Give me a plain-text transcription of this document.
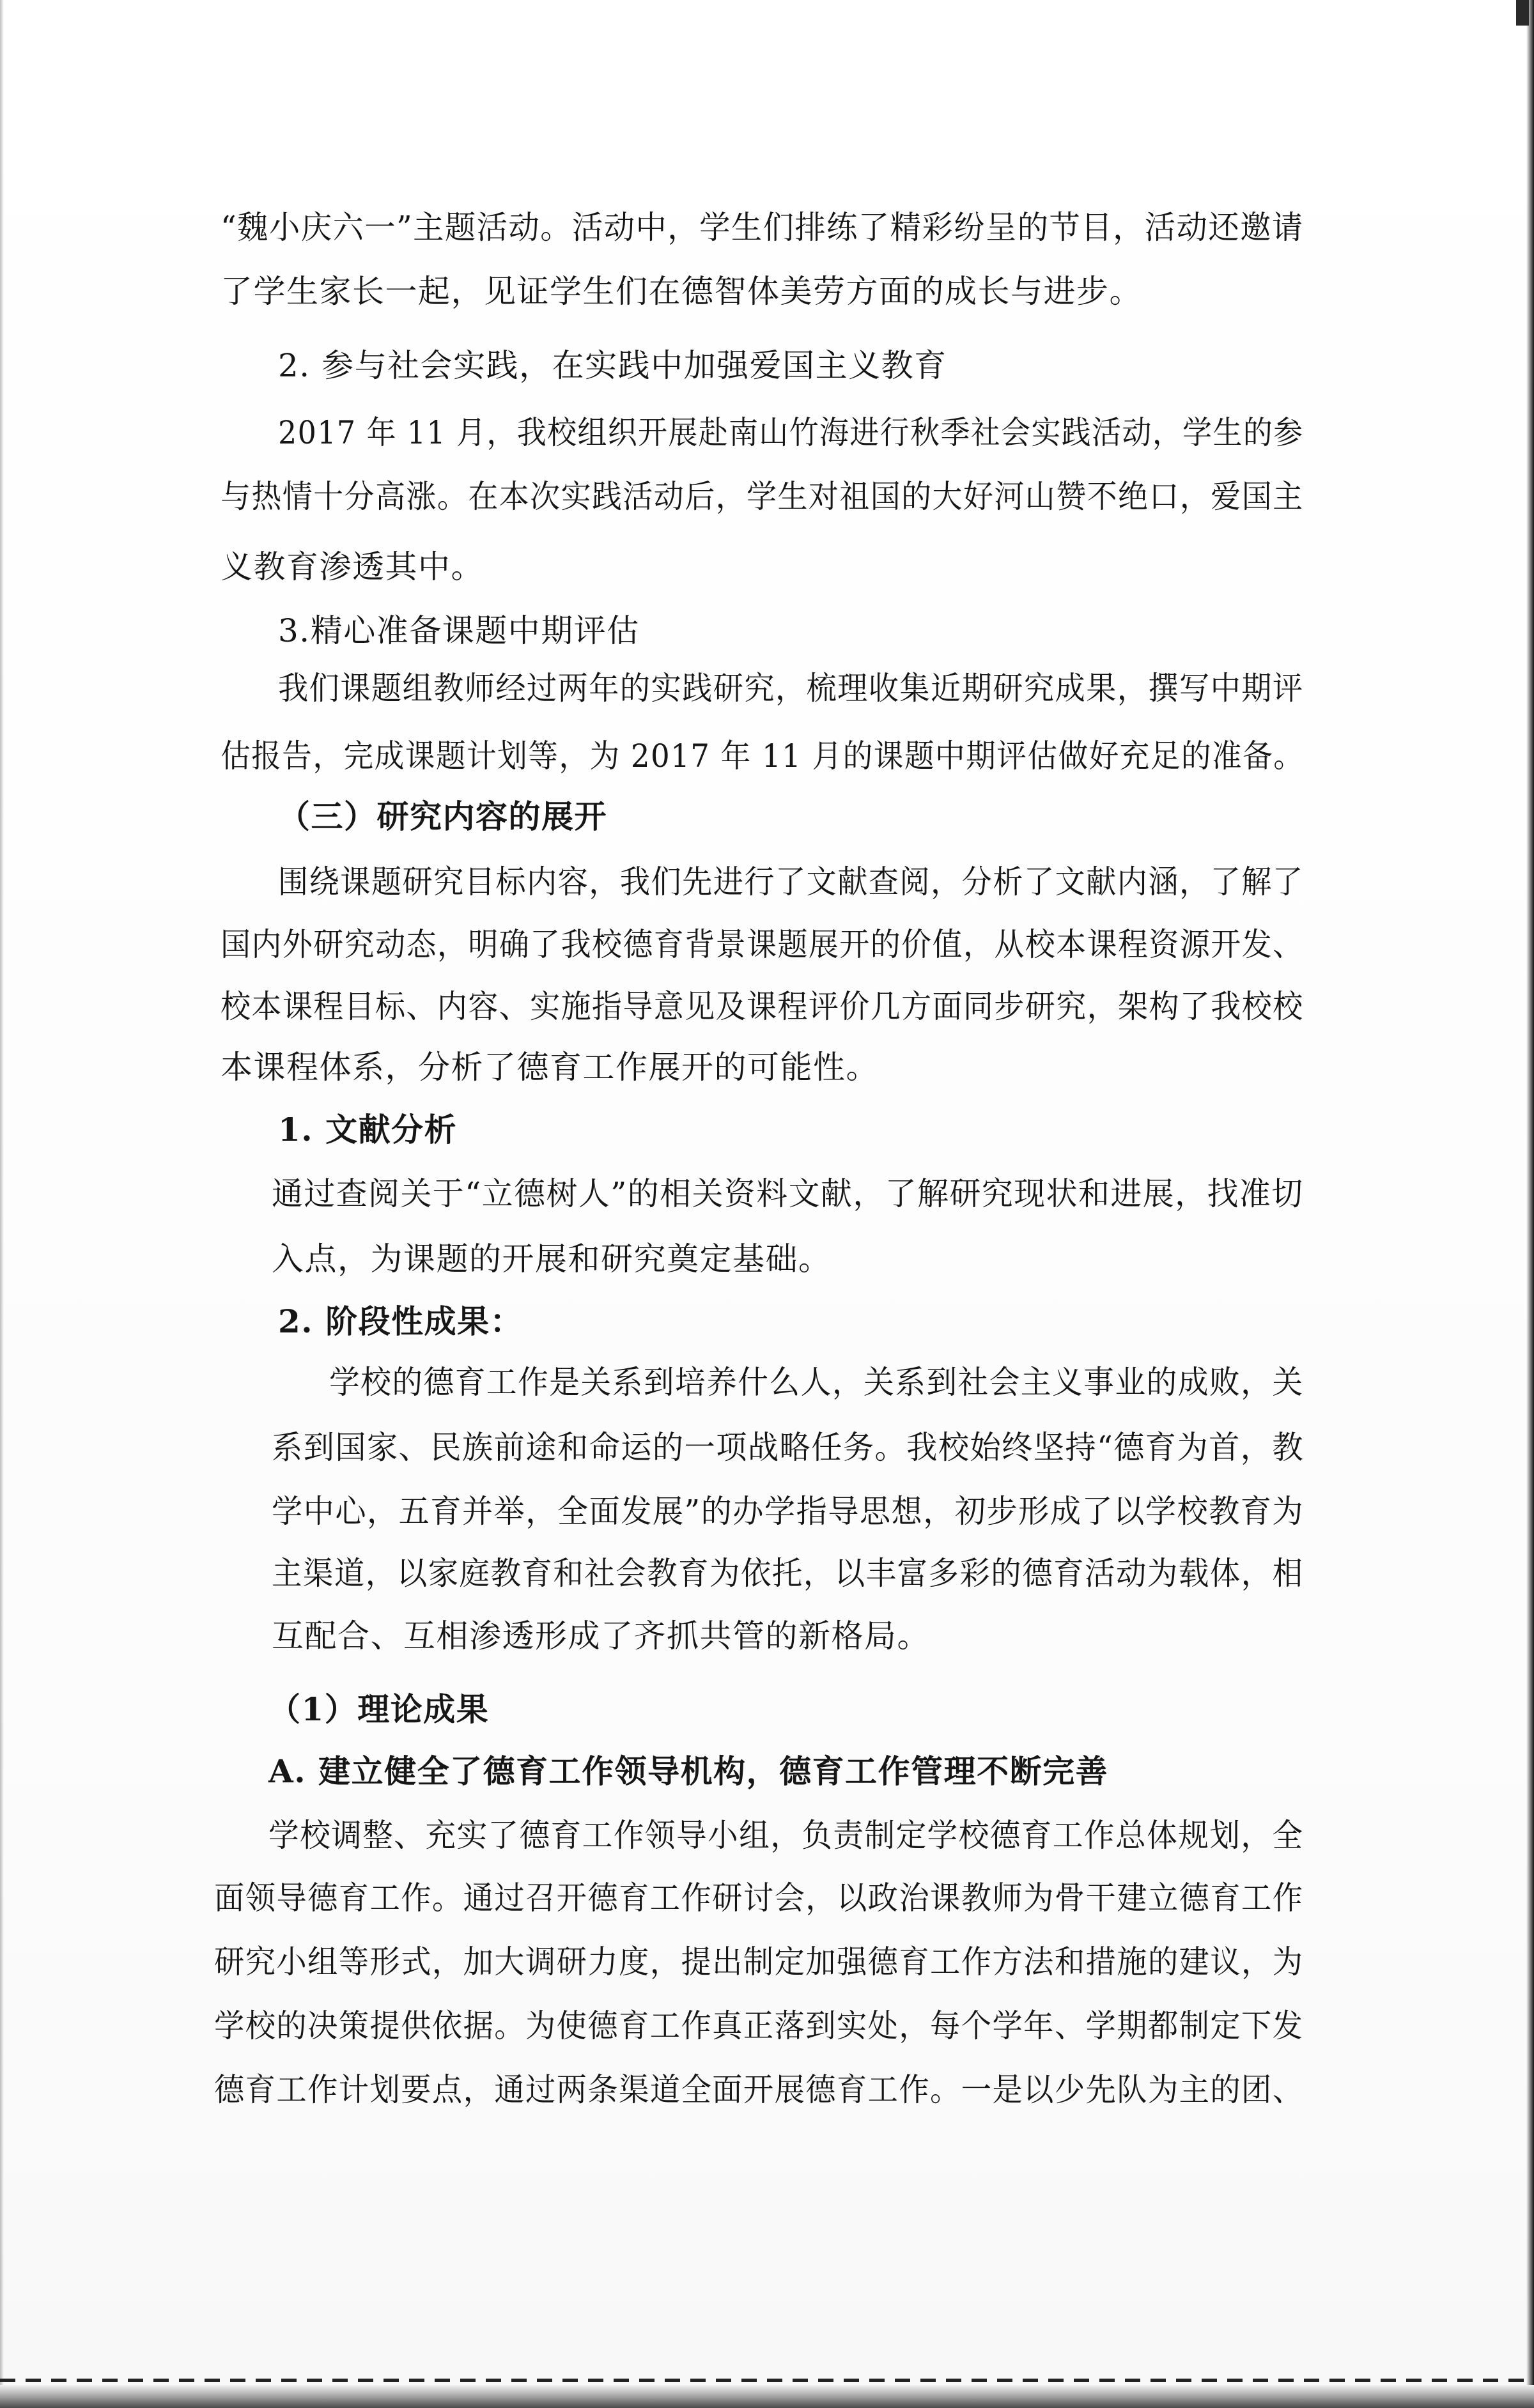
“魏小庆六一”主题活动。活动中，学生们排练了精彩纷呈的节目，活动还邀请

了学生家长一起，见证学生们在德智体美劳方面的成长与进步。

2. 参与社会实践，在实践中加强爱国主义教育

2017 年 11 月，我校组织开展赴南山竹海进行秋季社会实践活动，学生的参

与热情十分高涨。在本次实践活动后，学生对祖国的大好河山赞不绝口，爱国主

义教育渗透其中。

3.精心准备课题中期评估

我们课题组教师经过两年的实践研究，梳理收集近期研究成果，撰写中期评

估报告，完成课题计划等，为 2017 年 11 月的课题中期评估做好充足的准备。

（三）研究内容的展开

围绕课题研究目标内容，我们先进行了文献查阅，分析了文献内涵，了解了

国内外研究动态，明确了我校德育背景课题展开的价值，从校本课程资源开发、

校本课程目标、内容、实施指导意见及课程评价几方面同步研究，架构了我校校

本课程体系，分析了德育工作展开的可能性。

1. 文献分析

通过查阅关于“立德树人”的相关资料文献，了解研究现状和进展，找准切

入点，为课题的开展和研究奠定基础。

2. 阶段性成果：

学校的德育工作是关系到培养什么人，关系到社会主义事业的成败，关

系到国家、民族前途和命运的一项战略任务。我校始终坚持“德育为首，教

学中心，五育并举，全面发展”的办学指导思想，初步形成了以学校教育为

主渠道，以家庭教育和社会教育为依托，以丰富多彩的德育活动为载体，相

互配合、互相渗透形成了齐抓共管的新格局。

（1）理论成果

A. 建立健全了德育工作领导机构，德育工作管理不断完善

学校调整、充实了德育工作领导小组，负责制定学校德育工作总体规划，全

面领导德育工作。通过召开德育工作研讨会，以政治课教师为骨干建立德育工作

研究小组等形式，加大调研力度，提出制定加强德育工作方法和措施的建议，为

学校的决策提供依据。为使德育工作真正落到实处，每个学年、学期都制定下发

德育工作计划要点，通过两条渠道全面开展德育工作。一是以少先队为主的团、
